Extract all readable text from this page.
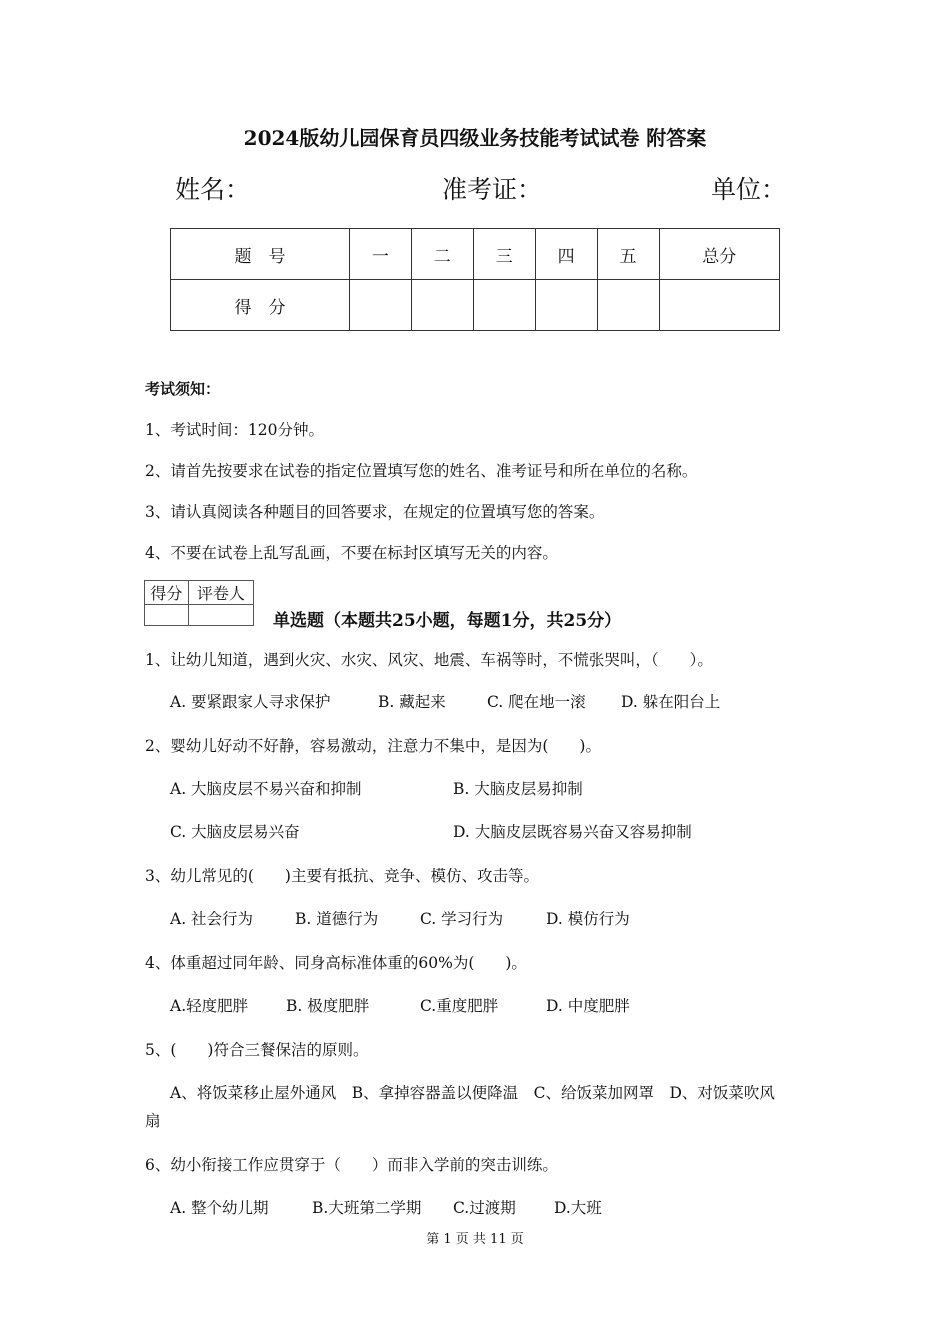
2024版幼儿园保育员四级业务技能考试试卷 附答案
姓名：	准考证：	单位：
题　号	一	二	三	四	五	总分
得　分						
考试须知：
1、考试时间：120分钟。
2、请首先按要求在试卷的指定位置填写您的姓名、准考证号和所在单位的名称。
3、请认真阅读各种题目的回答要求，在规定的位置填写您的答案。
4、不要在试卷上乱写乱画，不要在标封区填写无关的内容。
得分	评卷人

单选题（本题共25小题，每题1分，共25分）
1、让幼儿知道，遇到火灾、水灾、风灾、地震、车祸等时，不慌张哭叫，（　　）。
A. 要紧跟家人寻求保护	B. 藏起来	C. 爬在地一滚 D. 躲在阳台上
2、婴幼儿好动不好静，容易激动，注意力不集中，是因为(　　)。
A. 大脑皮层不易兴奋和抑制	B. 大脑皮层易抑制
C. 大脑皮层易兴奋	D. 大脑皮层既容易兴奋又容易抑制
3、幼儿常见的(　　)主要有抵抗、竞争、模仿、攻击等。
A. 社会行为	B. 道德行为	C. 学习行为	D. 模仿行为
4、体重超过同年龄、同身高标准体重的60%为(　　)。
A.轻度肥胖 B. 极度肥胖	C.重度肥胖	D. 中度肥胖
5、(　　)符合三餐保洁的原则。
A、将饭菜移止屋外通风　B、拿掉容器盖以便降温　C、给饭菜加网罩　D、对饭菜吹风
扇
6、幼小衔接工作应贯穿于（　　）而非入学前的突击训练。
A. 整个幼儿期	B.大班第二学期 C.过渡期 D.大班
第 1 页 共 11 页
